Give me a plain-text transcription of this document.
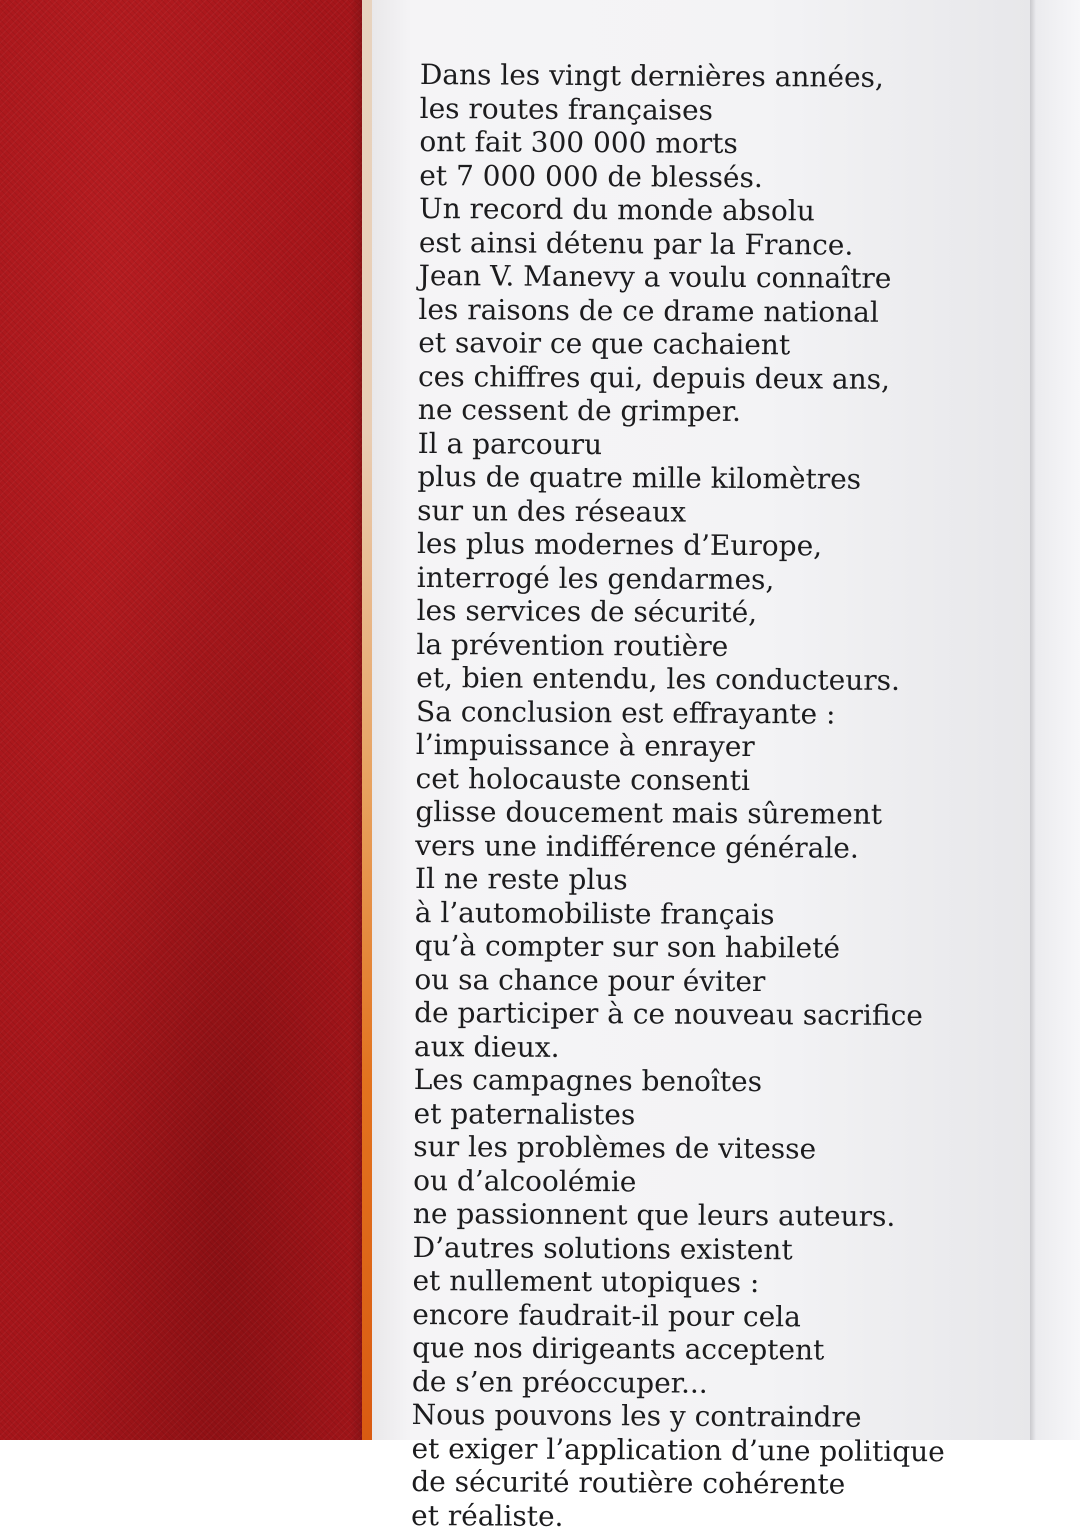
Dans les vingt dernières années,
les routes françaises
ont fait 300 000 morts
et 7 000 000 de blessés.
Un record du monde absolu
est ainsi détenu par la France.
Jean V. Manevy a voulu connaître
les raisons de ce drame national
et savoir ce que cachaient
ces chiffres qui, depuis deux ans,
ne cessent de grimper.
Il a parcouru
plus de quatre mille kilomètres
sur un des réseaux
les plus modernes d’Europe,
interrogé les gendarmes,
les services de sécurité,
la prévention routière
et, bien entendu, les conducteurs.
Sa conclusion est effrayante :
l’impuissance à enrayer
cet holocauste consenti
glisse doucement mais sûrement
vers une indifférence générale.
Il ne reste plus
à l’automobiliste français
qu’à compter sur son habileté
ou sa chance pour éviter
de participer à ce nouveau sacrifice
aux dieux.
Les campagnes benoîtes
et paternalistes
sur les problèmes de vitesse
ou d’alcoolémie
ne passionnent que leurs auteurs.
D’autres solutions existent
et nullement utopiques :
encore faudrait-il pour cela
que nos dirigeants acceptent
de s’en préoccuper...
Nous pouvons les y contraindre
et exiger l’application d’une politique
de sécurité routière cohérente
et réaliste.
